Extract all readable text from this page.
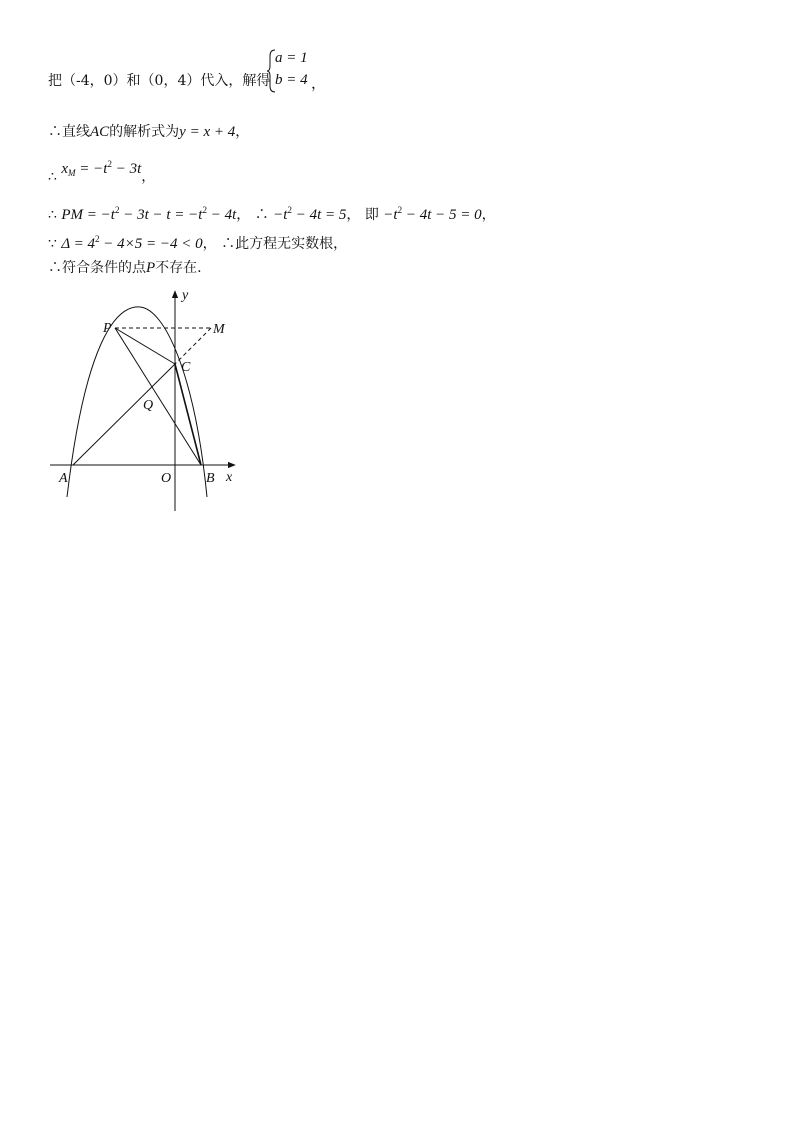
把（-4，0）和（0，4）代入，解得
a = 1
b = 4 ，
∴直线AC的解析式为y = x + 4，
∴ $x_M = -t^2 - 3t$，
∴ PM = $-t^2 - 3t - t = -t^2 - 4t$， ∴ $-t^2 - 4t = 5$， 即 $-t^2 - 4t - 5 = 0$，
∵ $\Delta = 4^2 - 4\times 5 = -4 < 0$， ∴此方程无实数根，
∴符合条件的点P不存在.
y
x
P	M
C
Q
A	O B
